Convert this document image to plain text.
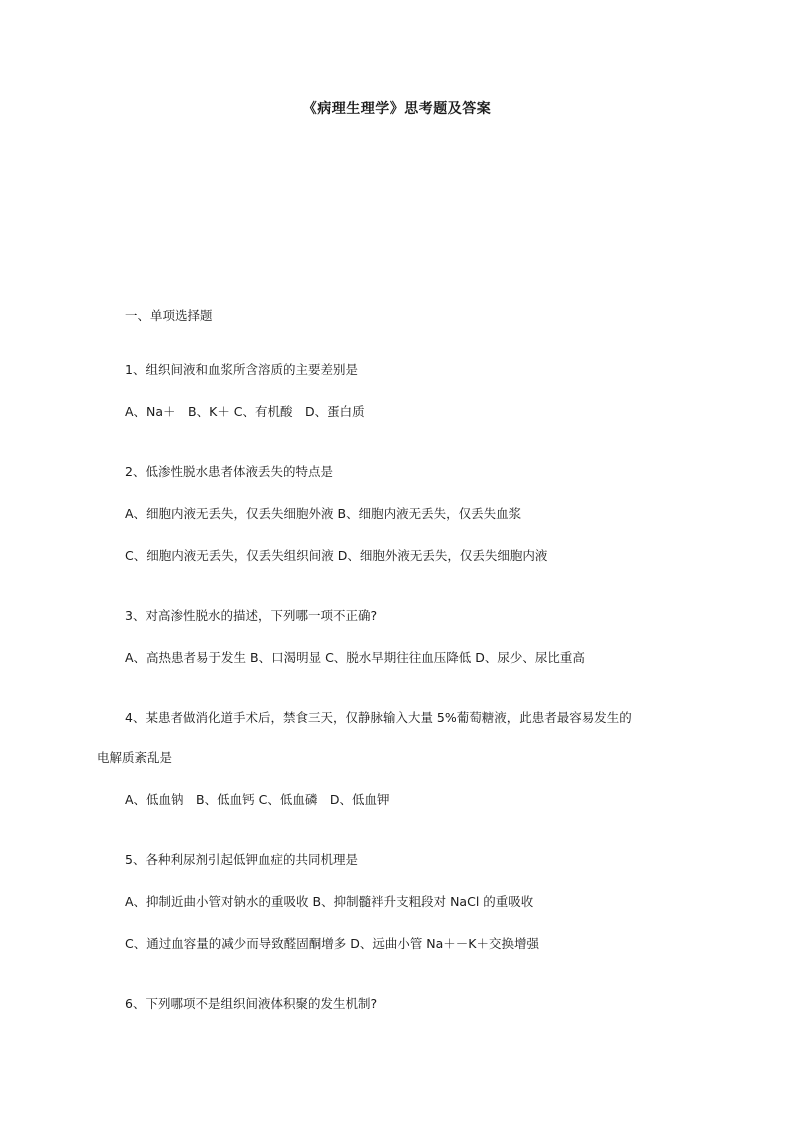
《病理生理学》思考题及答案

一、单项选择题

1、组织间液和血浆所含溶质的主要差别是

A、Na＋　B、K＋ C、有机酸　D、蛋白质

2、低渗性脱水患者体液丢失的特点是

A、细胞内液无丢失，仅丢失细胞外液 B、细胞内液无丢失，仅丢失血浆

C、细胞内液无丢失，仅丢失组织间液 D、细胞外液无丢失，仅丢失细胞内液

3、对高渗性脱水的描述，下列哪一项不正确?

A、高热患者易于发生 B、口渴明显 C、脱水早期往往血压降低 D、尿少、尿比重高

4、某患者做消化道手术后，禁食三天，仅静脉输入大量 5%葡萄糖液，此患者最容易发生的

电解质紊乱是

A、低血钠　B、低血钙 C、低血磷　D、低血钾

5、各种利尿剂引起低钾血症的共同机理是

A、抑制近曲小管对钠水的重吸收 B、抑制髓袢升支粗段对 NaCl 的重吸收

C、通过血容量的减少而导致醛固酮增多 D、远曲小管 Na＋－K＋交换增强

6、下列哪项不是组织间液体积聚的发生机制?
